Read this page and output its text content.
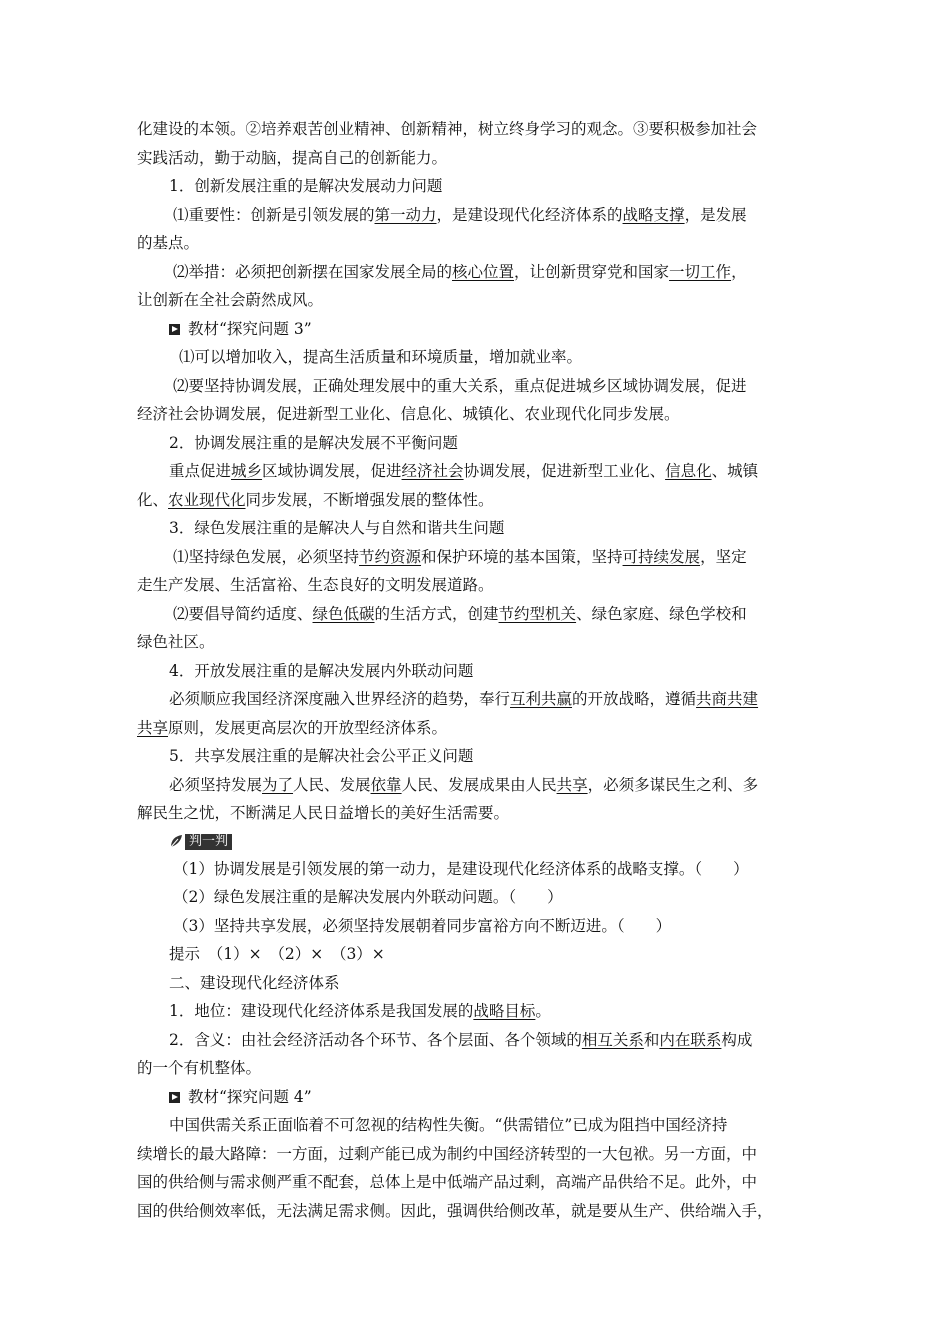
化建设的本领。②培养艰苦创业精神、创新精神，树立终身学习的观念。③要积极参加社会
实践活动，勤于动脑，提高自己的创新能力。
1．创新发展注重的是解决发展动力问题
⑴重要性：创新是引领发展的第一动力，是建设现代化经济体系的战略支撑，是发展
的基点。
⑵举措：必须把创新摆在国家发展全局的核心位置，让创新贯穿党和国家一切工作，
让创新在全社会蔚然成风。
教材“探究问题 3”
⑴可以增加收入，提高生活质量和环境质量，增加就业率。
⑵要坚持协调发展，正确处理发展中的重大关系，重点促进城乡区域协调发展，促进
经济社会协调发展，促进新型工业化、信息化、城镇化、农业现代化同步发展。
2．协调发展注重的是解决发展不平衡问题
重点促进城乡区域协调发展，促进经济社会协调发展，促进新型工业化、信息化、城镇
化、农业现代化同步发展，不断增强发展的整体性。
3．绿色发展注重的是解决人与自然和谐共生问题
⑴坚持绿色发展，必须坚持节约资源和保护环境的基本国策，坚持可持续发展，坚定
走生产发展、生活富裕、生态良好的文明发展道路。
⑵要倡导简约适度、绿色低碳的生活方式，创建节约型机关、绿色家庭、绿色学校和
绿色社区。
4．开放发展注重的是解决发展内外联动问题
必须顺应我国经济深度融入世界经济的趋势，奉行互利共赢的开放战略，遵循共商共建
共享原则，发展更高层次的开放型经济体系。
5．共享发展注重的是解决社会公平正义问题
必须坚持发展为了人民、发展依靠人民、发展成果由人民共享，必须多谋民生之利、多
解民生之忧，不断满足人民日益增长的美好生活需要。
判一判
（1）协调发展是引领发展的第一动力，是建设现代化经济体系的战略支撑。（　　）
（2）绿色发展注重的是解决发展内外联动问题。（　　）
（3）坚持共享发展，必须坚持发展朝着同步富裕方向不断迈进。（　　）
提示　（1）×　（2）×　（3）×
二、建设现代化经济体系
1．地位：建设现代化经济体系是我国发展的战略目标。
2．含义：由社会经济活动各个环节、各个层面、各个领域的相互关系和内在联系构成
的一个有机整体。
教材“探究问题 4”
中国供需关系正面临着不可忽视的结构性失衡。“供需错位”已成为阻挡中国经济持
续增长的最大路障：一方面，过剩产能已成为制约中国经济转型的一大包袱。另一方面，中
国的供给侧与需求侧严重不配套，总体上是中低端产品过剩，高端产品供给不足。此外，中
国的供给侧效率低，无法满足需求侧。因此，强调供给侧改革，就是要从生产、供给端入手，
